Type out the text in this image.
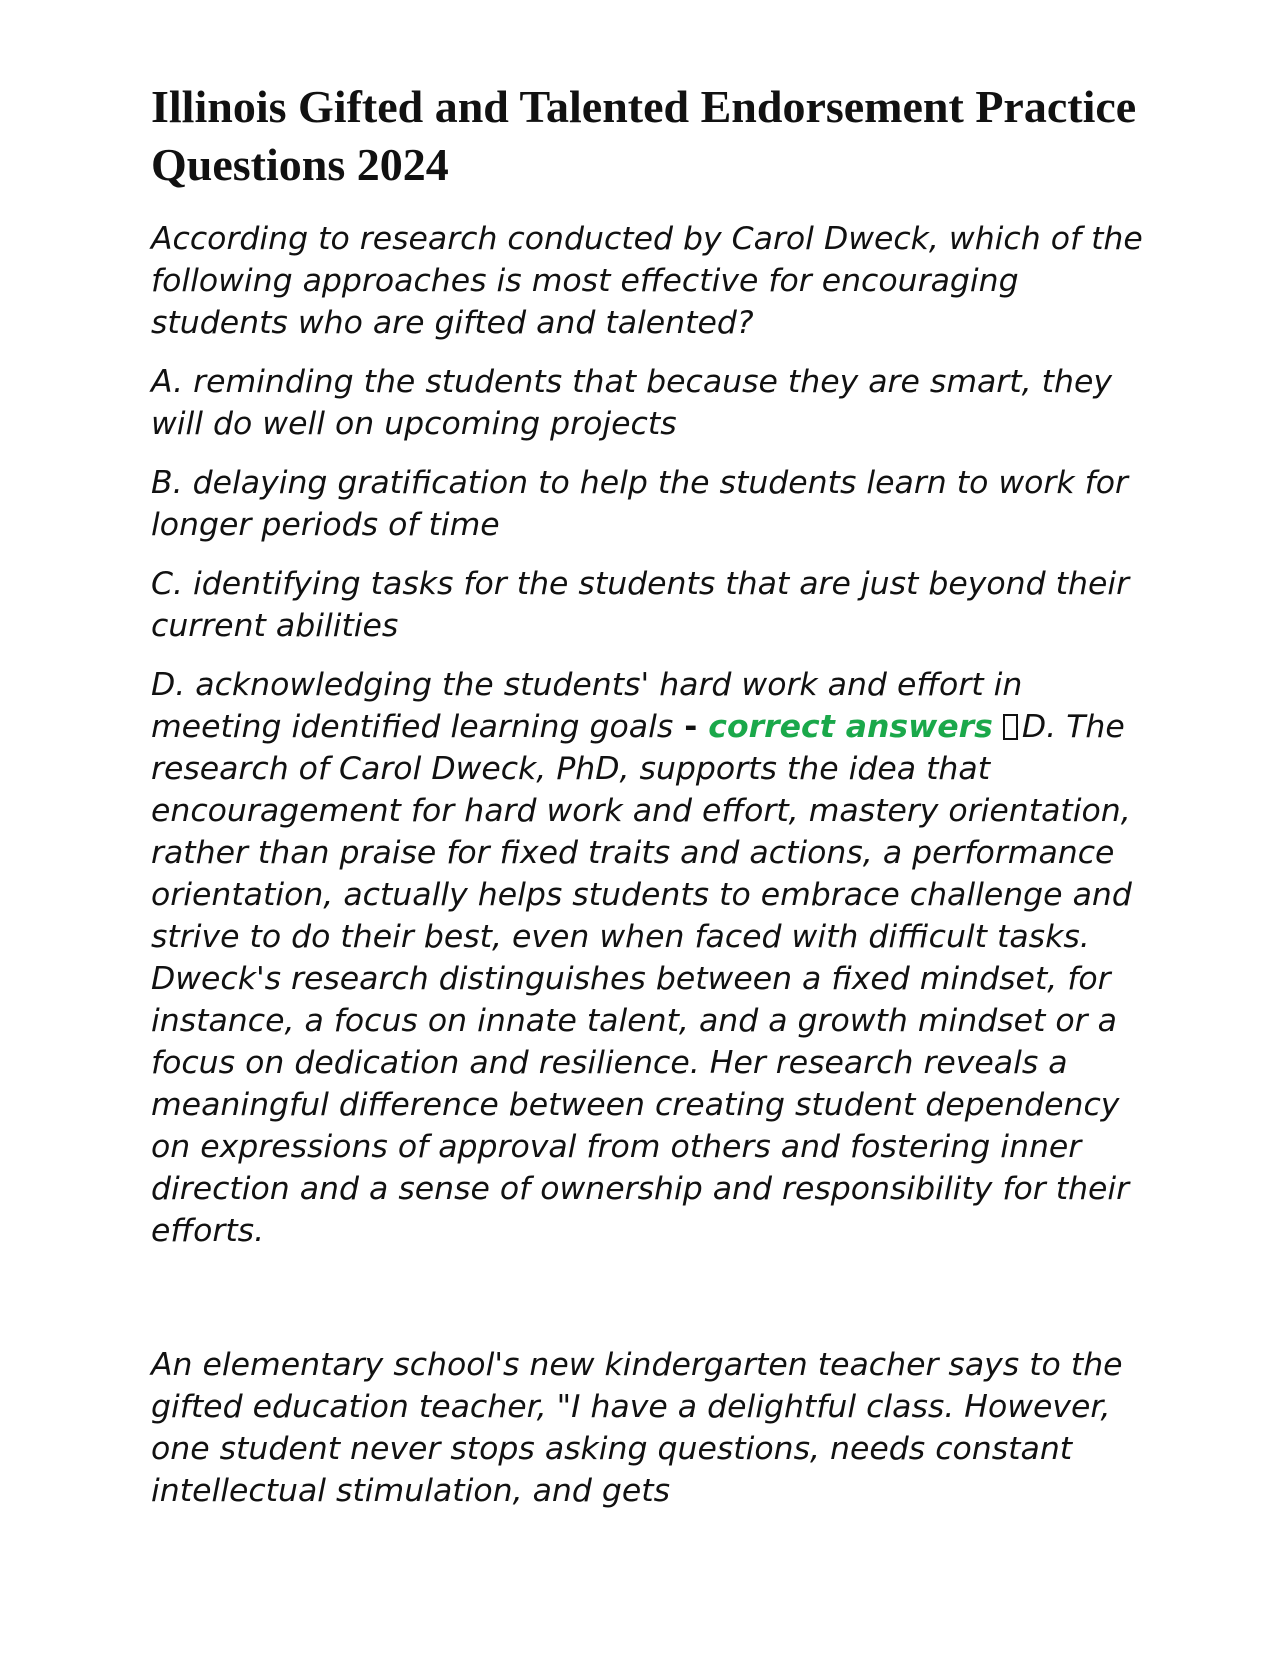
Illinois Gifted and Talented Endorsement Practice Questions 2024

According to research conducted by Carol Dweck, which of the following approaches is most effective for encouraging students who are gifted and talented?

A. reminding the students that because they are smart, they will do well on upcoming projects

B. delaying gratification to help the students learn to work for longer periods of time

C. identifying tasks for the students that are just beyond their current abilities

D. acknowledging the students' hard work and effort in meeting identified learning goals - correct answers D. The research of Carol Dweck, PhD, supports the idea that encouragement for hard work and effort, mastery orientation, rather than praise for fixed traits and actions, a performance orientation, actually helps students to embrace challenge and strive to do their best, even when faced with difficult tasks. Dweck's research distinguishes between a fixed mindset, for instance, a focus on innate talent, and a growth mindset or a focus on dedication and resilience. Her research reveals a meaningful difference between creating student dependency on expressions of approval from others and fostering inner direction and a sense of ownership and responsibility for their efforts.

An elementary school's new kindergarten teacher says to the gifted education teacher, "I have a delightful class. However, one student never stops asking questions, needs constant intellectual stimulation, and gets
